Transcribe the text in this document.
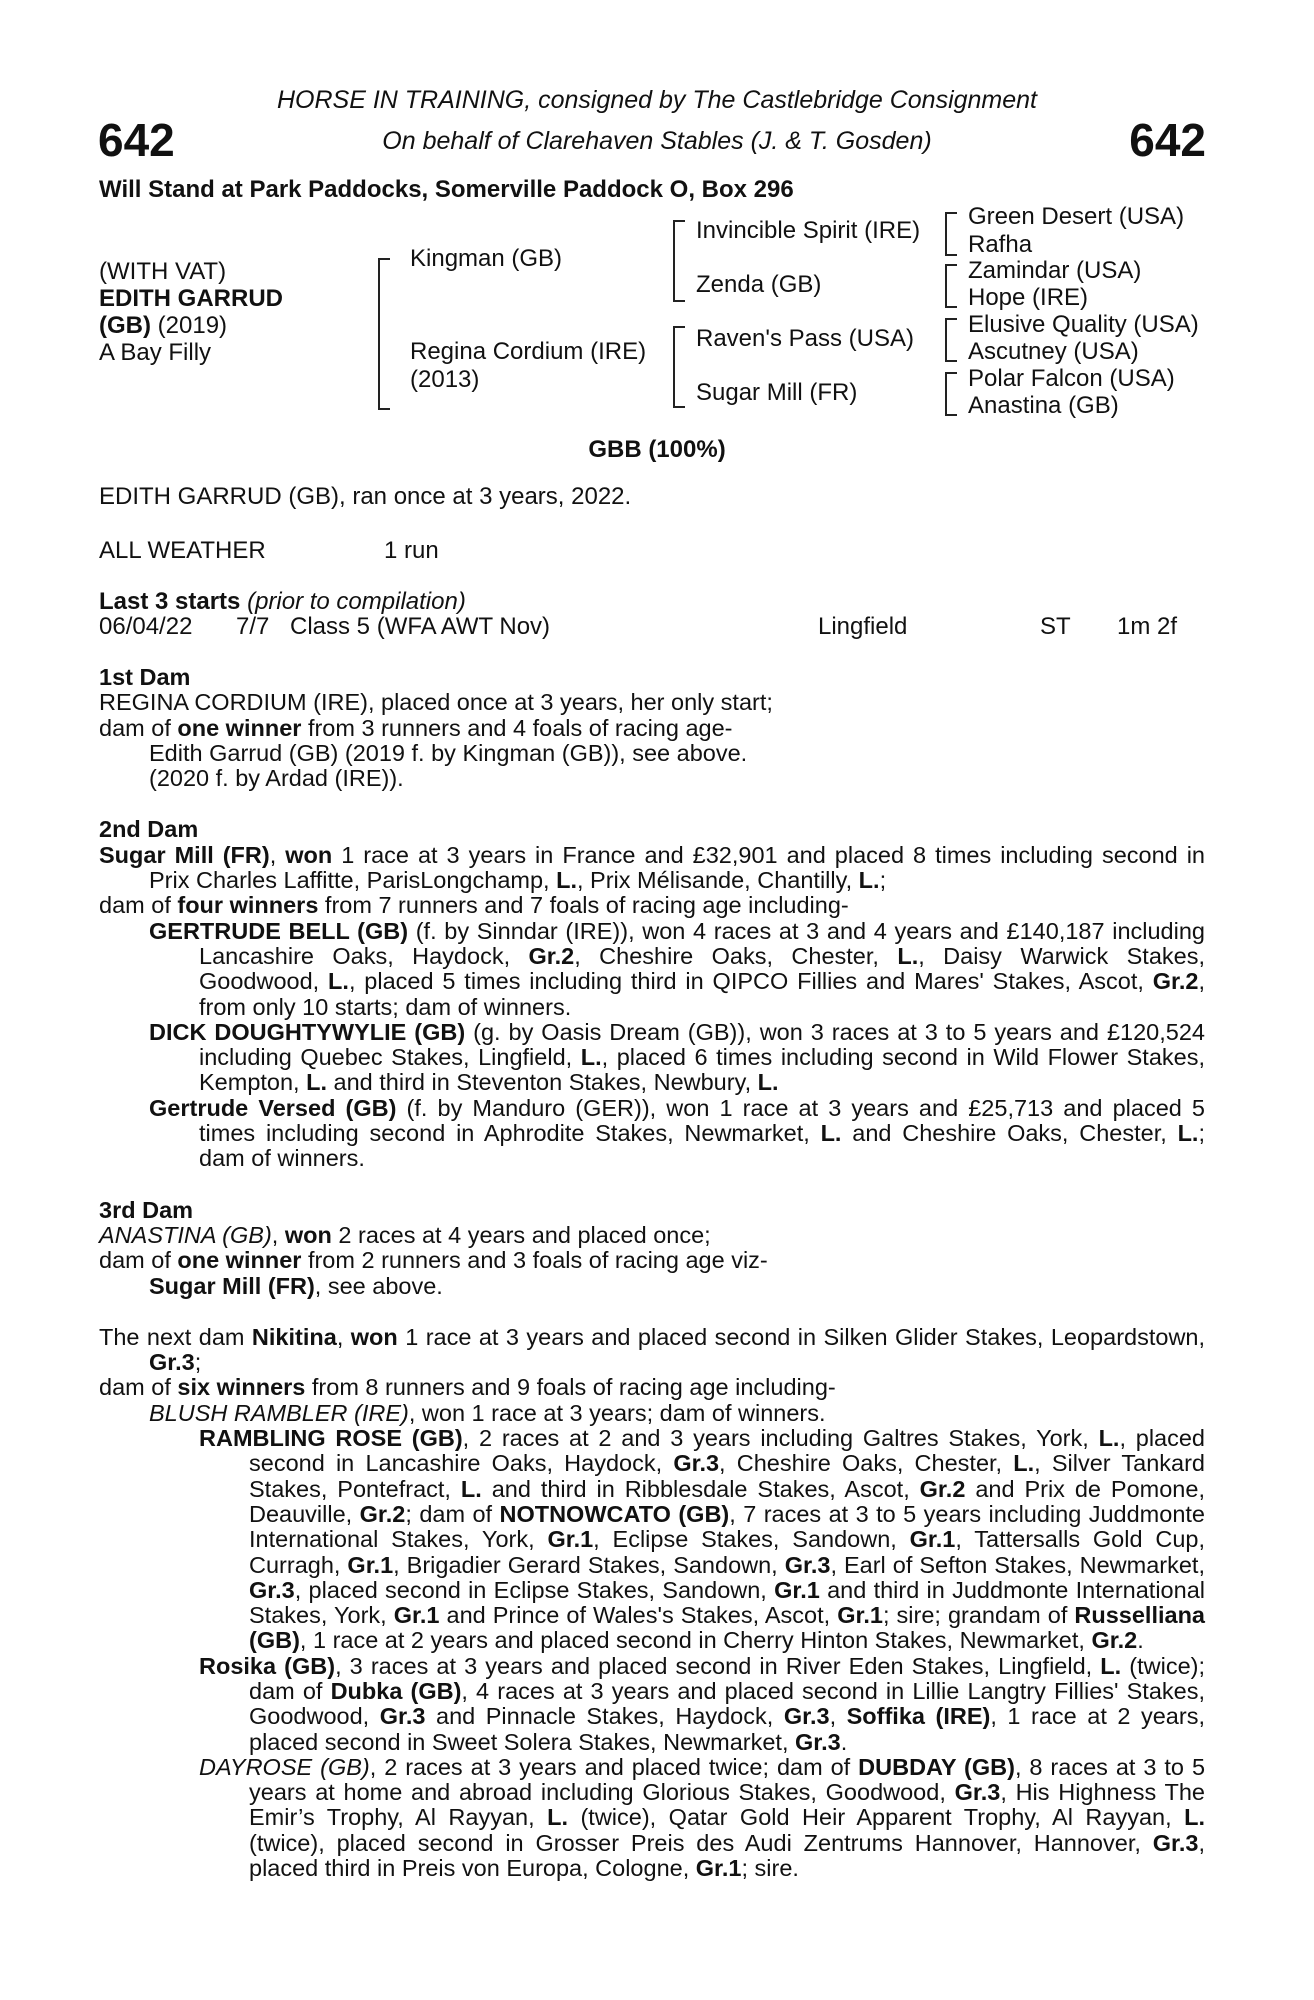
642	642
HORSE IN TRAINING, consigned by The Castlebridge Consignment
On behalf of Clarehaven Stables (J. & T. Gosden)
Will Stand at Park Paddocks, Somerville Paddock O, Box 296
(WITH VAT)
EDITH GARRUD
(GB) (2019)
A Bay Filly
Kingman (GB)
Regina Cordium (IRE)
(2013)
Invincible Spirit (IRE)
Zenda (GB)
Raven's Pass (USA)
Sugar Mill (FR)
Green Desert (USA)
Rafha
Zamindar (USA)
Hope (IRE)
Elusive Quality (USA)
Ascutney (USA)
Polar Falcon (USA)
Anastina (GB)
GBB (100%)
EDITH GARRUD (GB), ran once at 3 years, 2022.
ALL WEATHER	1 run
Last 3 starts (prior to compilation)
06/04/22 7/7 Class 5 (WFA AWT Nov)	Lingfield	ST 1m 2f

1st Dam

REGINA CORDIUM (IRE), placed once at 3 years, her only start;

dam of one winner from 3 runners and 4 foals of racing age-

Edith Garrud (GB) (2019 f. by Kingman (GB)), see above.

(2020 f. by Ardad (IRE)).

2nd Dam

Sugar Mill (FR), won 1 race at 3 years in France and £32,901 and placed 8 times including second in Prix Charles Laffitte, ParisLongchamp, L., Prix Mélisande, Chantilly, L.;

dam of four winners from 7 runners and 7 foals of racing age including-

GERTRUDE BELL (GB) (f. by Sinndar (IRE)), won 4 races at 3 and 4 years and £140,187 including Lancashire Oaks, Haydock, Gr.2, Cheshire Oaks, Chester, L., Daisy Warwick Stakes, Goodwood, L., placed 5 times including third in QIPCO Fillies and Mares' Stakes, Ascot, Gr.2, from only 10 starts; dam of winners.

DICK DOUGHTYWYLIE (GB) (g. by Oasis Dream (GB)), won 3 races at 3 to 5 years and £120,524 including Quebec Stakes, Lingfield, L., placed 6 times including second in Wild Flower Stakes, Kempton, L. and third in Steventon Stakes, Newbury, L.

Gertrude Versed (GB) (f. by Manduro (GER)), won 1 race at 3 years and £25,713 and placed 5 times including second in Aphrodite Stakes, Newmarket, L. and Cheshire Oaks, Chester, L.; dam of winners.

3rd Dam

ANASTINA (GB), won 2 races at 4 years and placed once;

dam of one winner from 2 runners and 3 foals of racing age viz-

Sugar Mill (FR), see above.

The next dam Nikitina, won 1 race at 3 years and placed second in Silken Glider Stakes, Leopardstown, Gr.3;

dam of six winners from 8 runners and 9 foals of racing age including-

BLUSH RAMBLER (IRE), won 1 race at 3 years; dam of winners.

RAMBLING ROSE (GB), 2 races at 2 and 3 years including Galtres Stakes, York, L., placed second in Lancashire Oaks, Haydock, Gr.3, Cheshire Oaks, Chester, L., Silver Tankard Stakes, Pontefract, L. and third in Ribblesdale Stakes, Ascot, Gr.2 and Prix de Pomone, Deauville, Gr.2; dam of NOTNOWCATO (GB), 7 races at 3 to 5 years including Juddmonte International Stakes, York, Gr.1, Eclipse Stakes, Sandown, Gr.1, Tattersalls Gold Cup, Curragh, Gr.1, Brigadier Gerard Stakes, Sandown, Gr.3, Earl of Sefton Stakes, Newmarket, Gr.3, placed second in Eclipse Stakes, Sandown, Gr.1 and third in Juddmonte International Stakes, York, Gr.1 and Prince of Wales's Stakes, Ascot, Gr.1; sire; grandam of Russelliana (GB), 1 race at 2 years and placed second in Cherry Hinton Stakes, Newmarket, Gr.2.

Rosika (GB), 3 races at 3 years and placed second in River Eden Stakes, Lingfield, L. (twice); dam of Dubka (GB), 4 races at 3 years and placed second in Lillie Langtry Fillies' Stakes, Goodwood, Gr.3 and Pinnacle Stakes, Haydock, Gr.3, Soffika (IRE), 1 race at 2 years, placed second in Sweet Solera Stakes, Newmarket, Gr.3.

DAYROSE (GB), 2 races at 3 years and placed twice; dam of DUBDAY (GB), 8 races at 3 to 5 years at home and abroad including Glorious Stakes, Goodwood, Gr.3, His Highness The Emir’s Trophy, Al Rayyan, L. (twice), Qatar Gold Heir Apparent Trophy, Al Rayyan, L. (twice), placed second in Grosser Preis des Audi Zentrums Hannover, Hannover, Gr.3, placed third in Preis von Europa, Cologne, Gr.1; sire.
